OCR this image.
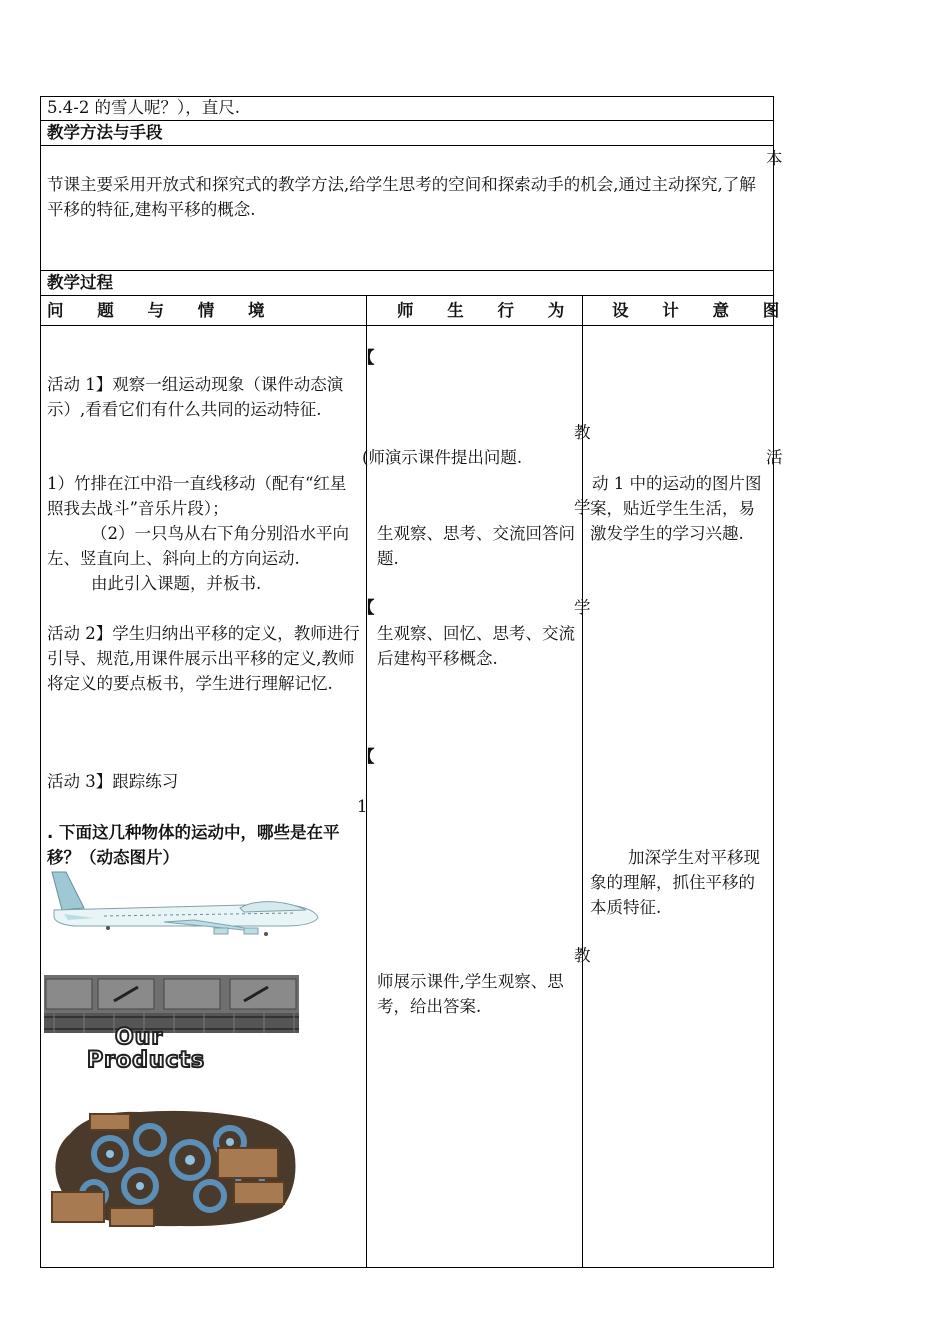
5.4-2 的雪人呢？），直尺.
教学方法与手段
本
节课主要采用开放式和探究式的教学方法,给学生思考的空间和探索动手的机会,通过主动探究,了解平移的特征,建构平移的概念.
教学过程
问 题 与 情 境	师 生 行 为 设 计 意 图
【
活动 1】观察一组运动现象（课件动态演示）,看看它们有什么共同的运动特征.
1）竹排在江中沿一直线移动（配有“红星照我去战斗”音乐片段）；
（2）一只鸟从右下角分别沿水平向左、竖直向上、斜向上的方向运动.
由此引入课题，并板书.
【
活动 2】学生归纳出平移的定义，教师进行引导、规范,用课件展示出平移的定义,教师将定义的要点板书，学生进行理解记忆.
【
活动 3】跟踪练习
1
. 下面这几种物体的运动中，哪些是在平移？（动态图片）
Our
Products
教
(师演示课件提出问题.
学
生观察、思考、交流回答问题.
学
生观察、回忆、思考、交流后建构平移概念.
教
师展示课件,学生观察、思考，给出答案.
活
动 1 中的运动的图片图案，贴近学生生活，易激发学生的学习兴趣.
加深学生对平移现象的理解，抓住平移的本质特征.
